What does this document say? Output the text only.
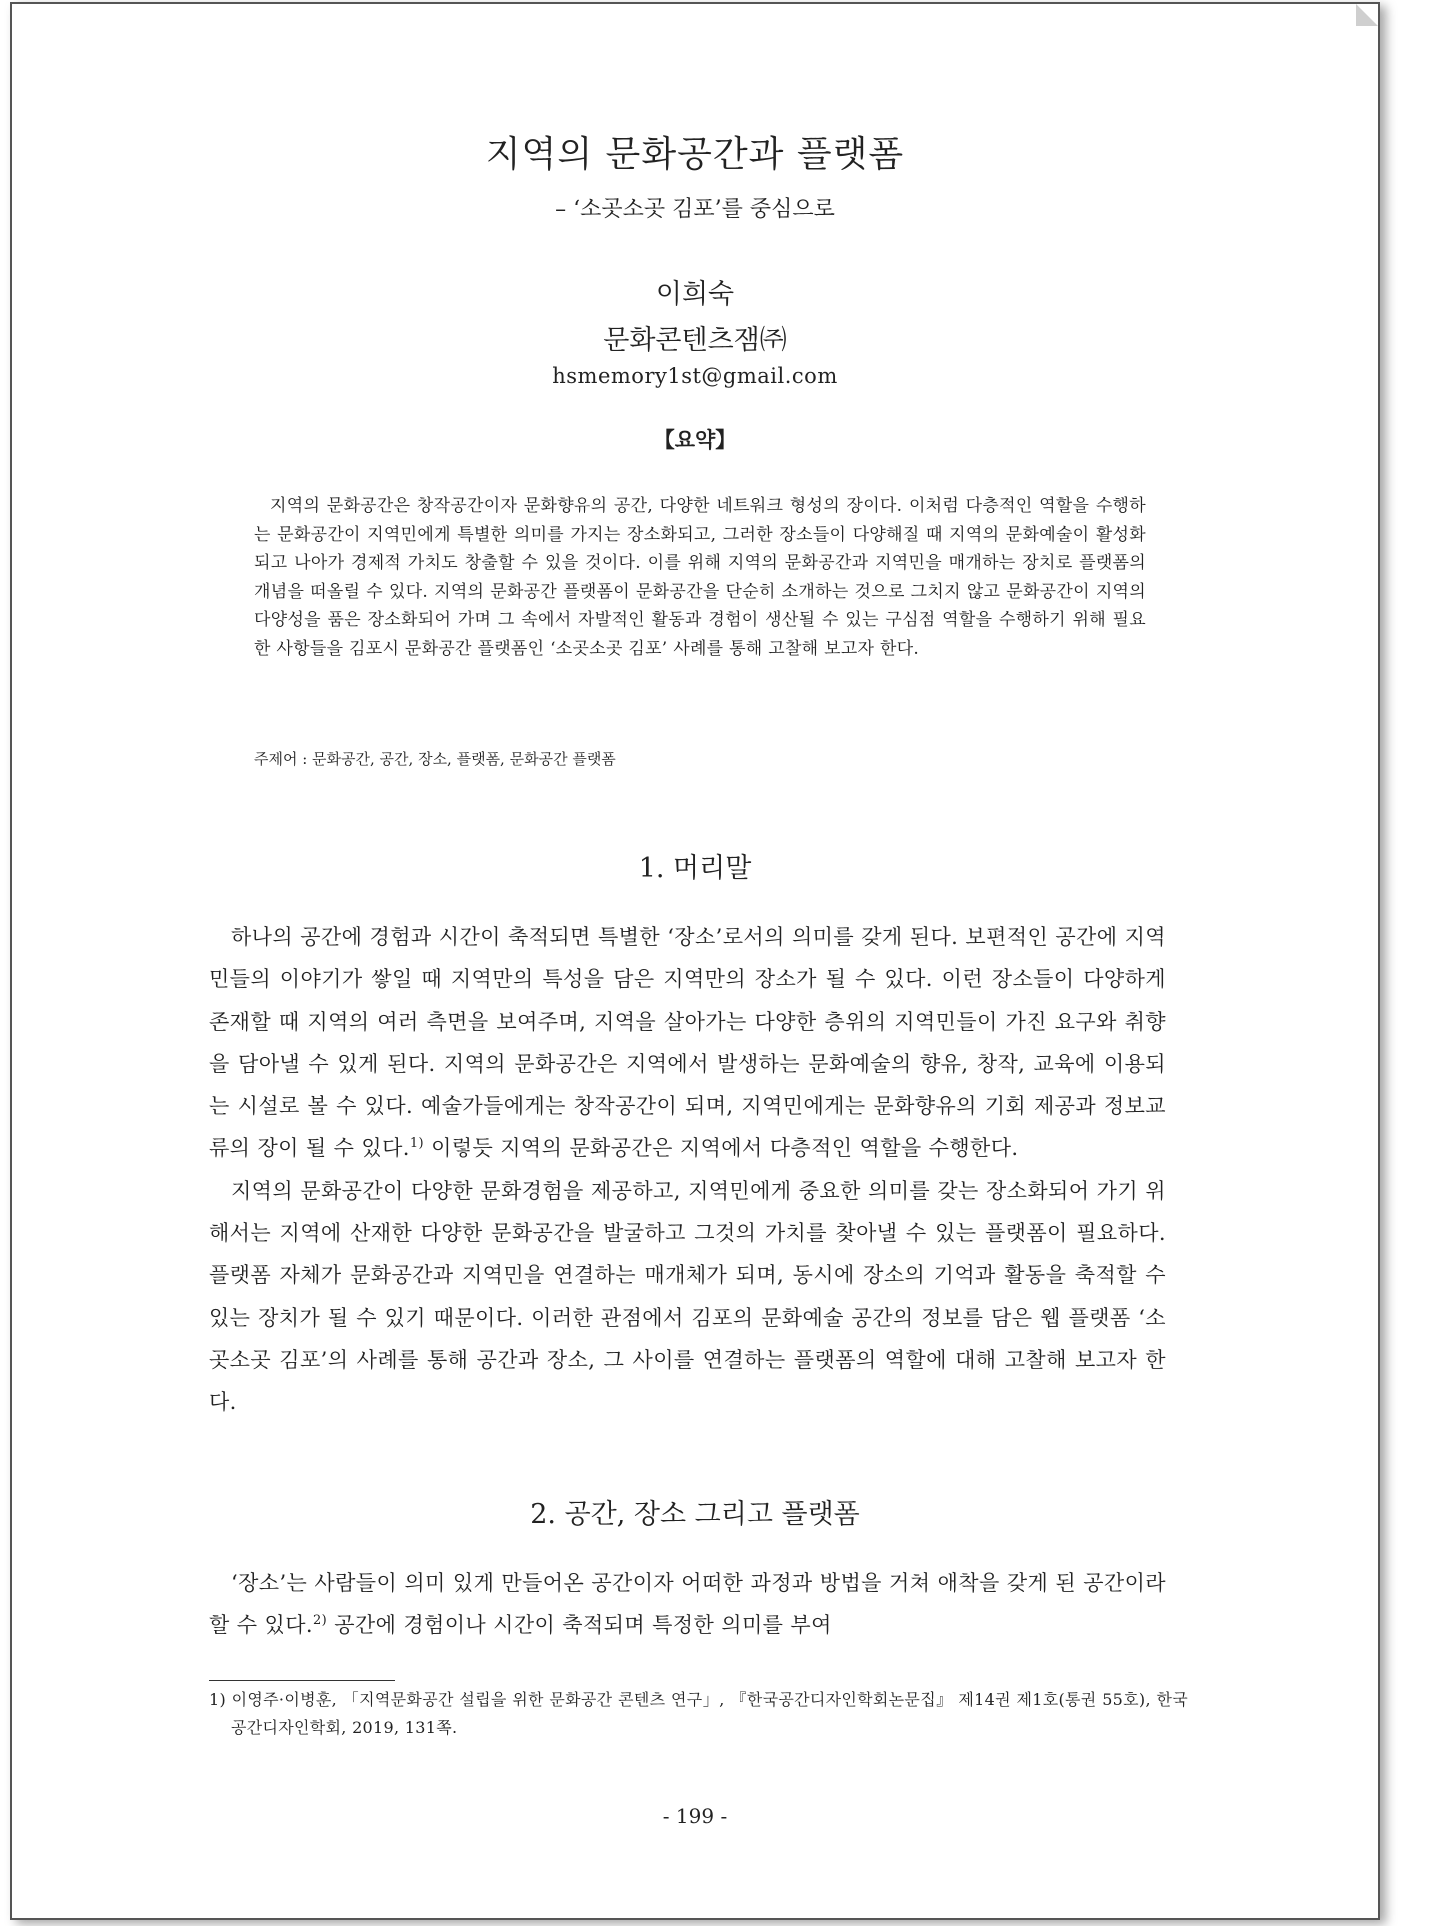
지역의 문화공간과 플랫폼
– ‘소곳소곳 김포’를 중심으로
이희숙
문화콘텐츠잼㈜
hsmemory1st@gmail.com
【요약】

지역의 문화공간은 창작공간이자 문화향유의 공간, 다양한 네트워크 형성의 장이다. 이처럼 다층적인 역할을 수행하는 문화공간이 지역민에게 특별한 의미를 가지는 장소화되고, 그러한 장소들이 다양해질 때 지역의 문화예술이 활성화되고 나아가 경제적 가치도 창출할 수 있을 것이다. 이를 위해 지역의 문화공간과 지역민을 매개하는 장치로 플랫폼의 개념을 떠올릴 수 있다. 지역의 문화공간 플랫폼이 문화공간을 단순히 소개하는 것으로 그치지 않고 문화공간이 지역의 다양성을 품은 장소화되어 가며 그 속에서 자발적인 활동과 경험이 생산될 수 있는 구심점 역할을 수행하기 위해 필요한 사항들을 김포시 문화공간 플랫폼인 ‘소곳소곳 김포’ 사례를 통해 고찰해 보고자 한다.

주제어 : 문화공간, 공간, 장소, 플랫폼, 문화공간 플랫폼
1. 머리말

하나의 공간에 경험과 시간이 축적되면 특별한 ‘장소’로서의 의미를 갖게 된다. 보편적인 공간에 지역민들의 이야기가 쌓일 때 지역만의 특성을 담은 지역만의 장소가 될 수 있다. 이런 장소들이 다양하게 존재할 때 지역의 여러 측면을 보여주며, 지역을 살아가는 다양한 층위의 지역민들이 가진 요구와 취향을 담아낼 수 있게 된다. 지역의 문화공간은 지역에서 발생하는 문화예술의 향유, 창작, 교육에 이용되는 시설로 볼 수 있다. 예술가들에게는 창작공간이 되며, 지역민에게는 문화향유의 기회 제공과 정보교류의 장이 될 수 있다.$^{1)}$ 이렇듯 지역의 문화공간은 지역에서 다층적인 역할을 수행한다.

지역의 문화공간이 다양한 문화경험을 제공하고, 지역민에게 중요한 의미를 갖는 장소화되어 가기 위해서는 지역에 산재한 다양한 문화공간을 발굴하고 그것의 가치를 찾아낼 수 있는 플랫폼이 필요하다. 플랫폼 자체가 문화공간과 지역민을 연결하는 매개체가 되며, 동시에 장소의 기억과 활동을 축적할 수 있는 장치가 될 수 있기 때문이다. 이러한 관점에서 김포의 문화예술 공간의 정보를 담은 웹 플랫폼 ‘소곳소곳 김포’의 사례를 통해 공간과 장소, 그 사이를 연결하는 플랫폼의 역할에 대해 고찰해 보고자 한다.

2. 공간, 장소 그리고 플랫폼

‘장소’는 사람들이 의미 있게 만들어온 공간이자 어떠한 과정과 방법을 거쳐 애착을 갖게 된 공간이라 할 수 있다.$^{2)}$ 공간에 경험이나 시간이 축적되며 특정한 의미를 부여

1) 이영주·이병훈, 「지역문화공간 설립을 위한 문화공간 콘텐츠 연구」, 『한국공간디자인학회논문집』 제14권 제1호(통권 55호), 한국공간디자인학회, 2019, 131쪽.

- 199 -
